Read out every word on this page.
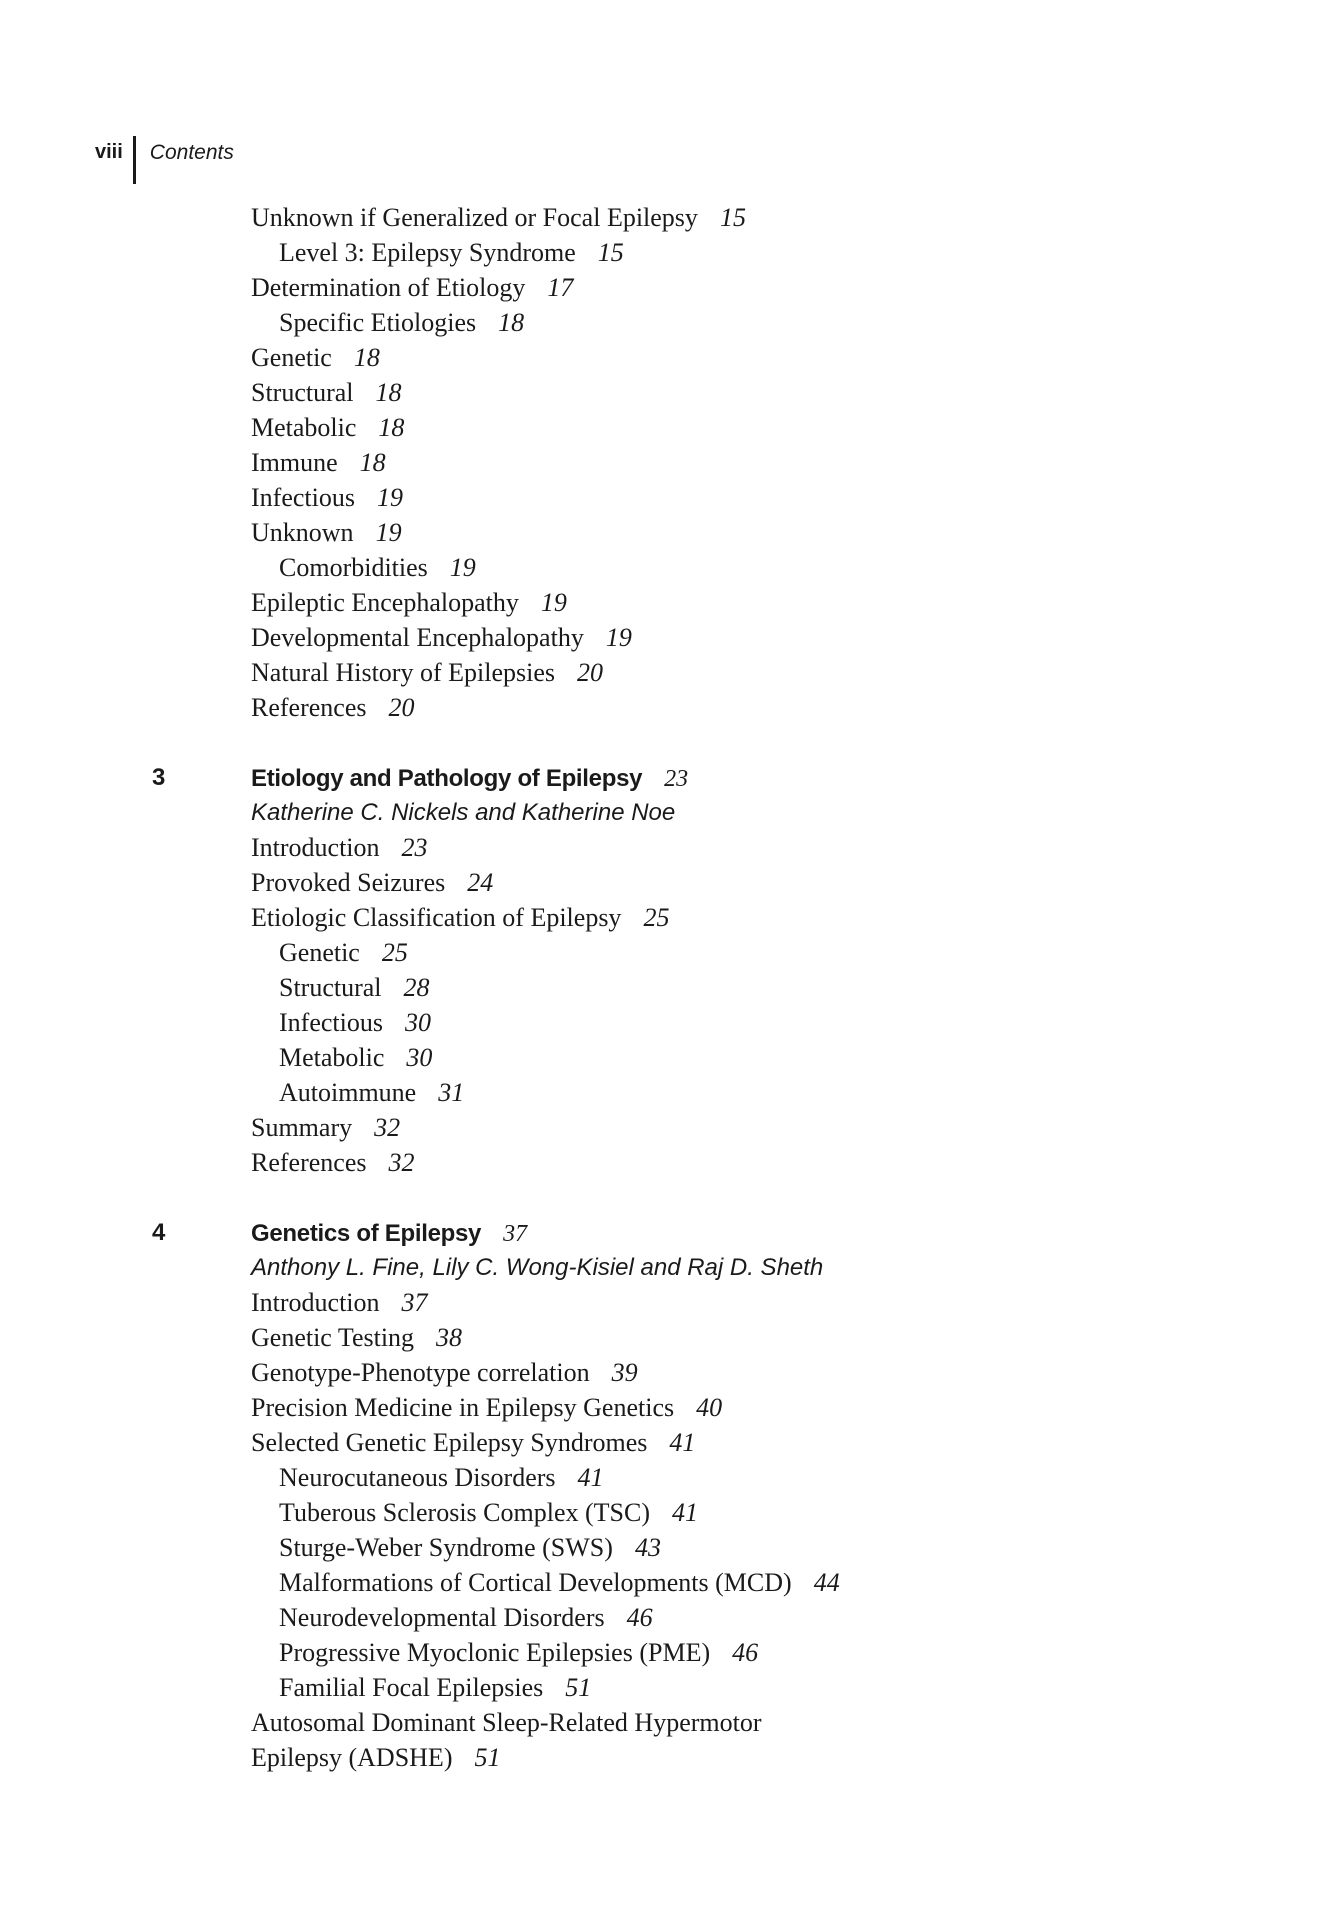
viii Contents
Unknown if Generalized or Focal Epilepsy 15
Level 3: Epilepsy Syndrome 15
Determination of Etiology 17
Specific Etiologies 18
Genetic 18
Structural 18
Metabolic 18
Immune 18
Infectious 19
Unknown 19
Comorbidities 19
Epileptic Encephalopathy 19
Developmental Encephalopathy 19
Natural History of Epilepsies 20
References 20
3	Etiology and Pathology of Epilepsy 23
Katherine C. Nickels and Katherine Noe
Introduction 23
Provoked Seizures 24
Etiologic Classification of Epilepsy 25
Genetic 25
Structural 28
Infectious 30
Metabolic 30
Autoimmune 31
Summary 32
References 32
4	Genetics of Epilepsy 37
Anthony L. Fine, Lily C. Wong-Kisiel and Raj D. Sheth
Introduction 37
Genetic Testing 38
Genotype-Phenotype correlation 39
Precision Medicine in Epilepsy Genetics 40
Selected Genetic Epilepsy Syndromes 41
Neurocutaneous Disorders 41
Tuberous Sclerosis Complex (TSC) 41
Sturge-Weber Syndrome (SWS) 43
Malformations of Cortical Developments (MCD) 44
Neurodevelopmental Disorders 46
Progressive Myoclonic Epilepsies (PME) 46
Familial Focal Epilepsies 51
Autosomal Dominant Sleep-Related Hypermotor
Epilepsy (ADSHE) 51
